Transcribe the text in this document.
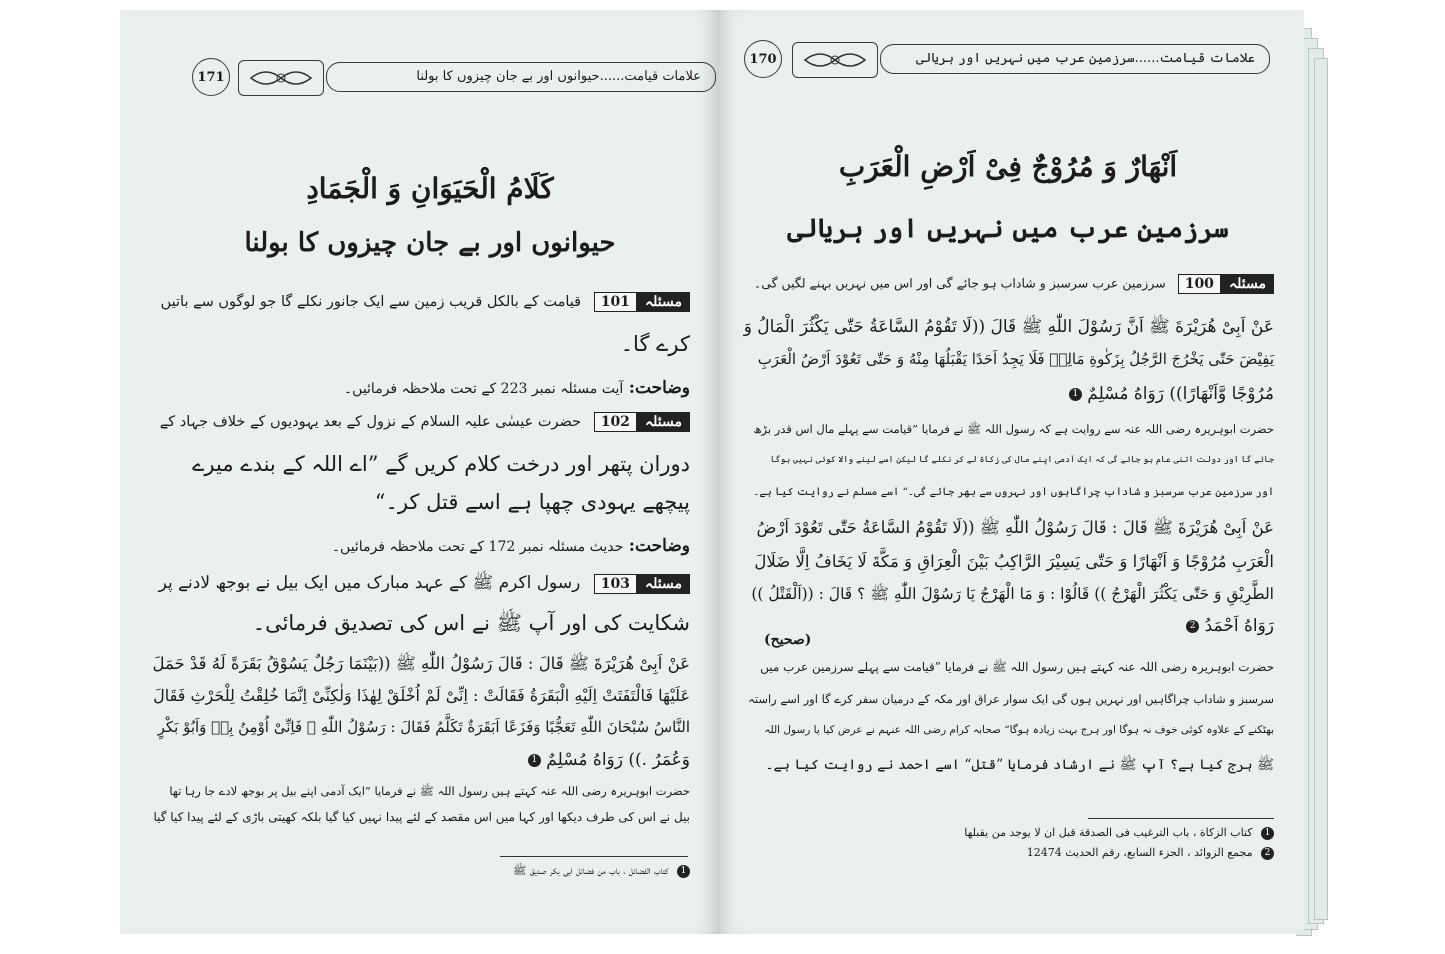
171	علامات قیامت......حیوانوں اور بے جان چیزوں کا بولنا
كَلَامُ الْحَيَوَانِ وَ الْجَمَادِ
حیوانوں اور بے جان چیزوں کا بولنا
مسئلہ
101
قیامت کے بالکل قریب زمین سے ایک جانور نکلے گا جو لوگوں سے باتیں
کرے گا۔
وضاحت: آیت مسئلہ نمبر 223 کے تحت ملاحظہ فرمائیں۔
مسئلہ
102
حضرت عیسٰی علیہ السلام کے نزول کے بعد یہودیوں کے خلاف جہاد کے
دوران پتھر اور درخت کلام کریں گے ”اے اللہ کے بندے میرے
پیچھے یہودی چھپا ہے اسے قتل کر۔“
وضاحت: حدیث مسئلہ نمبر 172 کے تحت ملاحظہ فرمائیں۔
مسئلہ
103
رسول اکرم ﷺ کے عہد مبارک میں ایک بیل نے بوجھ لادنے پر
شکایت کی اور آپ ﷺ نے اس کی تصدیق فرمائی۔
عَنْ اَبِیْ هُرَیْرَةَ ﷺ قَالَ : قَالَ رَسُوْلُ اللّٰهِ ﷺ ((بَیْنَمَا رَجُلٌ یَسُوْقُ بَقَرَةً لَهُ قَدْ حَمَلَ
عَلَیْهَا فَالْتَفَتَتْ اِلَیْهِ الْبَقَرَةُ فَقَالَتْ : اِنِّیْ لَمْ اُخْلَقْ لِهٰذَا وَلٰكِنِّیْ اِنَّمَا خُلِقْتُ لِلْحَرْثِ فَقَالَ
النَّاسُ سُبْحَانَ اللّٰهِ تَعَجُّبًا وَفَزَعًا اَبَقَرَةٌ تَكَلَّمُ فَقَالَ : رَسُوْلُ اللّٰهِ ﷺ فَاِنِّیْ اُوْمِنُ بِهٖ وَاَبُوْ بَكْرٍ
وَعُمَرُ .)) رَوَاهُ مُسْلِمٌ 1
حضرت ابوہریرہ رضی اللہ عنہ کہتے ہیں رسول اللہ ﷺ نے فرمایا ”ایک آدمی اپنے بیل پر بوجھ لادے جا رہا تھا
بیل نے اس کی طرف دیکھا اور کہا میں اس مقصد کے لئے پیدا نہیں کیا گیا بلکہ کھیتی باڑی کے لئے پیدا کیا گیا
1 كتاب الفضائل ، باب من فضائل ابی بكر صدیق ﷺ
170	علامات قیامت......سرزمین عرب میں نہریں اور ہریالی
اَنْهَارٌ وَ مُرُوْجٌ فِیْ اَرْضِ الْعَرَبِ
سرزمین عرب میں نہریں اور ہریالی
مسئلہ
100
سرزمین عرب سرسبز و شاداب ہو جائے گی اور اس میں نہریں بہنے لگیں گی۔
عَنْ اَبِیْ هُرَیْرَةَ ﷺ اَنَّ رَسُوْلَ اللّٰهِ ﷺ قَالَ ((لَا تَقُوْمُ السَّاعَةُ حَتّٰی یَكْثُرَ الْمَالُ وَ
یَفِیْضَ حَتّٰی یَخْرُجَ الرَّجُلُ بِزَكٰوةِ مَالِهٖ فَلَا یَجِدُ اَحَدًا یَقْبَلُهَا مِنْهُ وَ حَتّٰی تَعُوْدَ اَرْضُ الْعَرَبِ
مُرُوْجًا وَّاَنْهَارًا)) رَوَاهُ مُسْلِمٌ 1
حضرت ابوہریرہ رضی اللہ عنہ سے روایت ہے کہ رسول اللہ ﷺ نے فرمایا ”قیامت سے پہلے مال اس قدر بڑھ
جائے گا اور دولت اتنی عام ہو جائے گی کہ ایک آدمی اپنے مال کی زکاۃ لے کر نکلے گا لیکن اسے لینے والا کوئی نہیں ہوگا
اور سرزمین عرب سرسبز و شاداب چراگاہوں اور نہروں سے بھر جائے گی۔“ اسے مسلم نے روایت کیا ہے۔
عَنْ اَبِیْ هُرَیْرَةَ ﷺ قَالَ : قَالَ رَسُوْلُ اللّٰهِ ﷺ ((لَا تَقُوْمُ السَّاعَةُ حَتّٰی تَعُوْدَ اَرْضُ
الْعَرَبِ مُرُوْجًا وَ اَنْهَارًا وَ حَتّٰی یَسِیْرَ الرَّاكِبُ بَیْنَ الْعِرَاقِ وَ مَكَّةَ لَا یَخَافُ اِلَّا ضَلَالَ
الطَّرِیْقِ وَ حَتّٰی یَكْثُرَ الْهَرْجُ )) قَالُوْا : وَ مَا الْهَرْجُ یَا رَسُوْلَ اللّٰهِ ﷺ ؟ قَالَ : ((اَلْقَتْلُ ))
رَوَاهُ اَحْمَدُ 2
(صحیح)
حضرت ابوہریرہ رضی اللہ عنہ کہتے ہیں رسول اللہ ﷺ نے فرمایا ”قیامت سے پہلے سرزمین عرب میں
سرسبز و شاداب چراگاہیں اور نہریں ہوں گی ایک سوار عراق اور مکہ کے درمیان سفر کرے گا اور اسے راستہ
بھٹکنے کے علاوہ کوئی خوف نہ ہوگا اور ہرج بہت زیادہ ہوگا“ صحابہ کرام رضی اللہ عنہم نے عرض کیا یا رسول اللہ
ﷺ ہرج کیا ہے؟ آپ ﷺ نے ارشاد فرمایا ”قتل“ اسے احمد نے روایت کیا ہے۔
1 كتاب الزكاة ، باب الترغیب فی الصدقة قبل ان لا یوجد من یقبلها
2 مجمع الزوائد ، الجزء السابع، رقم الحدیث 12474
